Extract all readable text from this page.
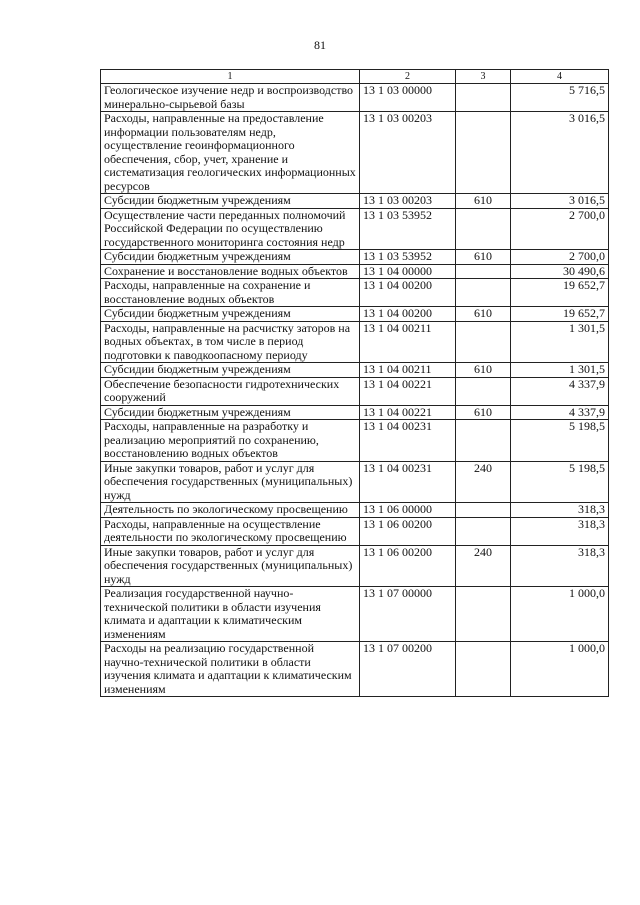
81
1	2	3	4
Геологическое изучение недр и воспроизводство минерально-сырьевой базы	13 1 03 00000		5 716,5
Расходы, направленные на предоставление информации пользователям недр, осуществление геоинформационного обеспечения, сбор, учет, хранение и систематизация геологических информационных ресурсов	13 1 03 00203		3 016,5
Субсидии бюджетным учреждениям	13 1 03 00203	610	3 016,5
Осуществление части переданных полномочий Российской Федерации по осуществлению государственного мониторинга состояния недр	13 1 03 53952		2 700,0
Субсидии бюджетным учреждениям	13 1 03 53952	610	2 700,0
Сохранение и восстановление водных объектов	13 1 04 00000		30 490,6
Расходы, направленные на сохранение и восстановление водных объектов	13 1 04 00200		19 652,7
Субсидии бюджетным учреждениям	13 1 04 00200	610	19 652,7
Расходы, направленные на расчистку заторов на водных объектах, в том числе в период подготовки к паводкоопасному периоду	13 1 04 00211		1 301,5
Субсидии бюджетным учреждениям	13 1 04 00211	610	1 301,5
Обеспечение безопасности гидротехнических сооружений	13 1 04 00221		4 337,9
Субсидии бюджетным учреждениям	13 1 04 00221	610	4 337,9
Расходы, направленные на разработку и реализацию мероприятий по сохранению, восстановлению водных объектов	13 1 04 00231		5 198,5
Иные закупки товаров, работ и услуг для обеспечения государственных (муниципальных) нужд	13 1 04 00231	240	5 198,5
Деятельность по экологическому просвещению	13 1 06 00000		318,3
Расходы, направленные на осуществление деятельности по экологическому просвещению	13 1 06 00200		318,3
Иные закупки товаров, работ и услуг для обеспечения государственных (муниципальных) нужд	13 1 06 00200	240	318,3
Реализация государственной научно-технической политики в области изучения климата и адаптации к климатическим изменениям	13 1 07 00000		1 000,0
Расходы на реализацию государственной научно-технической политики в области изучения климата и адаптации к климатическим изменениям	13 1 07 00200		1 000,0
